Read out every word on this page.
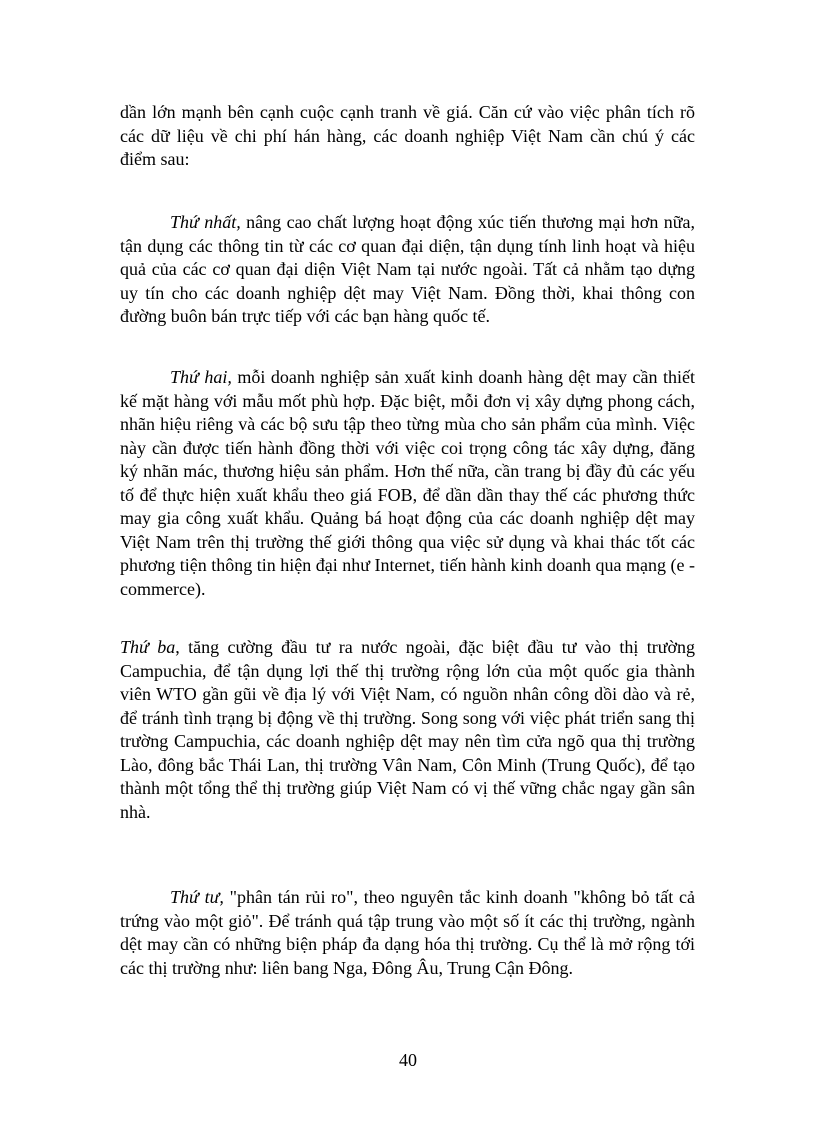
dần lớn mạnh bên cạnh cuộc cạnh tranh về giá. Căn cứ vào việc phân tích rõ các dữ liệu về chi phí hán hàng, các doanh nghiệp Việt Nam cần chú ý các điểm sau:

Thứ nhất, nâng cao chất lượng hoạt động xúc tiến thương mại hơn nữa, tận dụng các thông tin từ các cơ quan đại diện, tận dụng tính linh hoạt và hiệu quả của các cơ quan đại diện Việt Nam tại nước ngoài. Tất cả nhằm tạo dựng uy tín cho các doanh nghiệp dệt may Việt Nam. Đồng thời, khai thông con đường buôn bán trực tiếp với các bạn hàng quốc tế.

Thứ hai, mỗi doanh nghiệp sản xuất kinh doanh hàng dệt may cần thiết kế mặt hàng với mẫu mốt phù hợp. Đặc biệt, mỗi đơn vị xây dựng phong cách, nhãn hiệu riêng và các bộ sưu tập theo từng mùa cho sản phẩm của mình. Việc này cần được tiến hành đồng thời với việc coi trọng công tác xây dựng, đăng ký nhãn mác, thương hiệu sản phẩm. Hơn thế nữa, cần trang bị đầy đủ các yếu tố để thực hiện xuất khẩu theo giá FOB, để dần dần thay thế các phương thức may gia công xuất khẩu. Quảng bá hoạt động của các doanh nghiệp dệt may Việt Nam trên thị trường thế giới thông qua việc sử dụng và khai thác tốt các phương tiện thông tin hiện đại như Internet, tiến hành kinh doanh qua mạng (e - commerce).

Thứ ba, tăng cường đầu tư ra nước ngoài, đặc biệt đầu tư vào thị trường Campuchia, để tận dụng lợi thế thị trường rộng lớn của một quốc gia thành viên WTO gần gũi về địa lý với Việt Nam, có nguồn nhân công dồi dào và rẻ, để tránh tình trạng bị động về thị trường. Song song với việc phát triển sang thị trường Campuchia, các doanh nghiệp dệt may nên tìm cửa ngõ qua thị trường Lào, đông bắc Thái Lan, thị trường Vân Nam, Côn Minh (Trung Quốc), để tạo thành một tổng thể thị trường giúp Việt Nam có vị thế vững chắc ngay gần sân nhà.

Thứ tư, "phân tán rủi ro", theo nguyên tắc kinh doanh "không bỏ tất cả trứng vào một giỏ". Để tránh quá tập trung vào một số ít các thị trường, ngành dệt may cần có những biện pháp đa dạng hóa thị trường. Cụ thể là mở rộng tới các thị trường như: liên bang Nga, Đông Âu, Trung Cận Đông.

40
